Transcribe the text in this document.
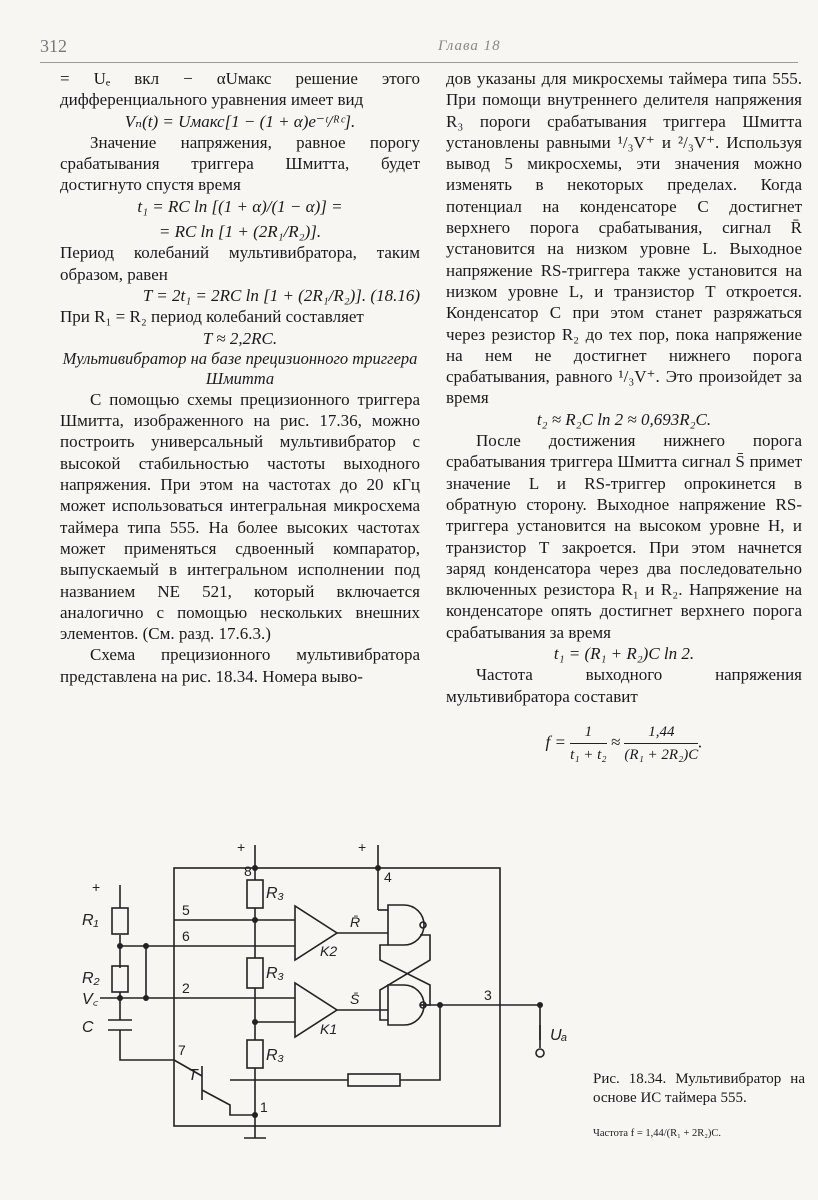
312	Глава 18

= Uₑ вкл − αUмакс решение этого дифференциального уравнения имеет вид

Vₙ(t) = Uмакс[1 − (1 + α)e⁻ᵗ/ᴿᶜ].

Значение напряжения, равное порогу срабатывания триггера Шмитта, будет достигнуто спустя время

t₁ = RC ln [(1 + α)/(1 − α)] =

= RC ln [1 + (2R₁/R₂)].

Период колебаний мультивибратора, таким образом, равен

T = 2t₁ = 2RC ln [1 + (2R₁/R₂)]. (18.16)

При R₁ = R₂ период колебаний составляет

T ≈ 2,2RC.

Мультивибратор на базе прецизионного триггера Шмитта

С помощью схемы прецизионного триггера Шмитта, изображенного на рис. 17.36, можно построить универсальный мультивибратор с высокой стабильностью частоты выходного напряжения. При этом на частотах до 20 кГц может использоваться интегральная микросхема таймера типа 555. На более высоких частотах может применяться сдвоенный компаратор, выпускаемый в интегральном исполнении под названием NE 521, который включается аналогично с помощью нескольких внешних элементов. (См. разд. 17.6.3.)

Схема прецизионного мультивибратора представлена на рис. 18.34. Номера выво-

дов указаны для микросхемы таймера типа 555. При помощи внутреннего делителя напряжения R₃ пороги срабатывания триггера Шмитта установлены равными ¹/₃V⁺ и ²/₃V⁺. Используя вывод 5 микросхемы, эти значения можно изменять в некоторых пределах. Когда потенциал на конденсаторе C достигнет верхнего порога срабатывания, сигнал R̄ установится на низком уровне L. Выходное напряжение RS-триггера также установится на низком уровне L, и транзистор T откроется. Конденсатор C при этом станет разряжаться через резистор R₂ до тех пор, пока напряжение на нем не достигнет нижнего порога срабатывания, равного ¹/₃V⁺. Это произойдет за время

t₂ ≈ R₂C ln 2 ≈ 0,693R₂C.

После достижения нижнего порога срабатывания триггера Шмитта сигнал S̄ примет значение L и RS-триггер опрокинется в обратную сторону. Выходное напряжение RS-триггера установится на высоком уровне H, и транзистор T закроется. При этом начнется заряд конденсатора через два последовательно включенных резистора R₁ и R₂. Напряжение на конденсаторе опять достигнет верхнего порога срабатывания за время

t₁ = (R₁ + R₂)C ln 2.

Частота выходного напряжения мультивибратора составит

$f = \frac{1}{\text{t₁ + t₂}} \approx \frac{1,44}{\text{(R₁ + 2R₂)C}}$ .

+
+	+
R₁
R₂
V꜀
C
R₃
R₃
R₃
K2
K1
R̄
S̄
T
Uₐ
1
2	3
4
5
6
7
8
Рис. 18.34. Мультивибратор на основе ИС таймера 555.
Частота f = 1,44/(R₁ + 2R₂)C.
